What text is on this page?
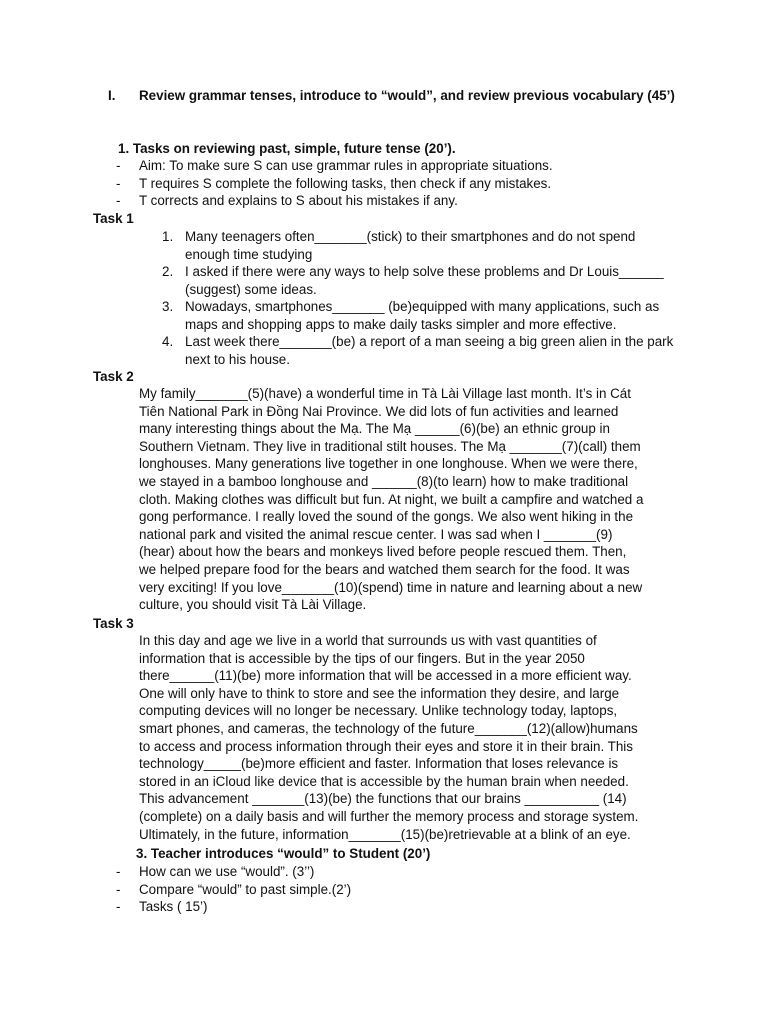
I. Review grammar tenses, introduce to “would”, and review previous vocabulary (45’)
1. Tasks on reviewing past, simple, future tense (20’).
- Aim: To make sure S can use grammar rules in appropriate situations.
- T requires S complete the following tasks, then check if any mistakes.
- T corrects and explains to S about his mistakes if any.
Task 1
1. Many teenagers often_______(stick) to their smartphones and do not spend enough time studying
2. I asked if there were any ways to help solve these problems and Dr Louis______ (suggest) some ideas.
3. Nowadays, smartphones_______ (be)equipped with many applications, such as maps and shopping apps to make daily tasks simpler and more effective.
4. Last week there_______(be) a report of a man seeing a big green alien in the park next to his house.
Task 2
My family_______(5)(have) a wonderful time in Tà Lài Village last month. It’s in Cát
Tiên National Park in Đồng Nai Province. We did lots of fun activities and learned
many interesting things about the Mạ. The Mạ ______(6)(be) an ethnic group in
Southern Vietnam. They live in traditional stilt houses. The Mạ _______(7)(call) them
longhouses. Many generations live together in one longhouse. When we were there,
we stayed in a bamboo longhouse and ______(8)(to learn) how to make traditional
cloth. Making clothes was difficult but fun. At night, we built a campfire and watched a
gong performance. I really loved the sound of the gongs. We also went hiking in the
national park and visited the animal rescue center. I was sad when I _______(9)
(hear) about how the bears and monkeys lived before people rescued them. Then,
we helped prepare food for the bears and watched them search for the food. It was
very exciting! If you love_______(10)(spend) time in nature and learning about a new
culture, you should visit Tà Lài Village.
Task 3
In this day and age we live in a world that surrounds us with vast quantities of
information that is accessible by the tips of our fingers. But in the year 2050
there______(11)(be) more information that will be accessed in a more efficient way.
One will only have to think to store and see the information they desire, and large
computing devices will no longer be necessary. Unlike technology today, laptops,
smart phones, and cameras, the technology of the future_______(12)(allow)humans
to access and process information through their eyes and store it in their brain. This
technology_____(be)more efficient and faster. Information that loses relevance is
stored in an iCloud like device that is accessible by the human brain when needed.
This advancement _______(13)(be) the functions that our brains __________ (14)
(complete) on a daily basis and will further the memory process and storage system.
Ultimately, in the future, information_______(15)(be)retrievable at a blink of an eye.
3. Teacher introduces “would” to Student (20’)
- How can we use “would”. (3’’)
- Compare “would” to past simple.(2’)
- Tasks ( 15’)
